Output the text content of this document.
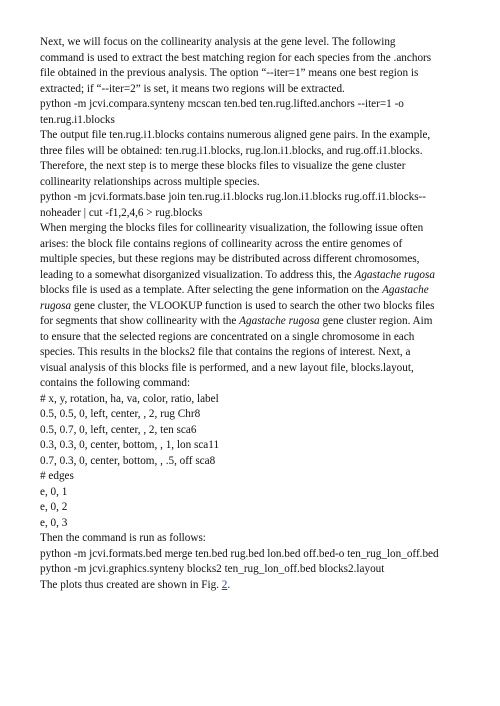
Next, we will focus on the collinearity analysis at the gene level. The following
command is used to extract the best matching region for each species from the .anchors
file obtained in the previous analysis. The option “--iter=1” means one best region is
extracted; if “--iter=2” is set, it means two regions will be extracted.
python -m jcvi.compara.synteny mcscan ten.bed ten.rug.lifted.anchors --iter=1 -o
ten.rug.i1.blocks
The output file ten.rug.i1.blocks contains numerous aligned gene pairs. In the example,
three files will be obtained: ten.rug.i1.blocks, rug.lon.i1.blocks, and rug.off.i1.blocks.
Therefore, the next step is to merge these blocks files to visualize the gene cluster
collinearity relationships across multiple species.
python -m jcvi.formats.base join ten.rug.i1.blocks rug.lon.i1.blocks rug.off.i1.blocks--
noheader | cut -f1,2,4,6 > rug.blocks
When merging the blocks files for collinearity visualization, the following issue often
arises: the block file contains regions of collinearity across the entire genomes of
multiple species, but these regions may be distributed across different chromosomes,
leading to a somewhat disorganized visualization. To address this, the Agastache rugosa
blocks file is used as a template. After selecting the gene information on the Agastache
rugosa gene cluster, the VLOOKUP function is used to search the other two blocks files
for segments that show collinearity with the Agastache rugosa gene cluster region. Aim
to ensure that the selected regions are concentrated on a single chromosome in each
species. This results in the blocks2 file that contains the regions of interest. Next, a
visual analysis of this blocks file is performed, and a new layout file, blocks.layout,
contains the following command:
# x, y, rotation, ha, va, color, ratio, label
0.5, 0.5, 0, left, center, , 2, rug Chr8
0.5, 0.7, 0, left, center, , 2, ten sca6
0.3, 0.3, 0, center, bottom, , 1, lon sca11
0.7, 0.3, 0, center, bottom, , .5, off sca8
# edges
e, 0, 1
e, 0, 2
e, 0, 3
Then the command is run as follows:
python -m jcvi.formats.bed merge ten.bed rug.bed lon.bed off.bed-o ten_rug_lon_off.bed
python -m jcvi.graphics.synteny blocks2 ten_rug_lon_off.bed blocks2.layout
The plots thus created are shown in Fig. 2.
